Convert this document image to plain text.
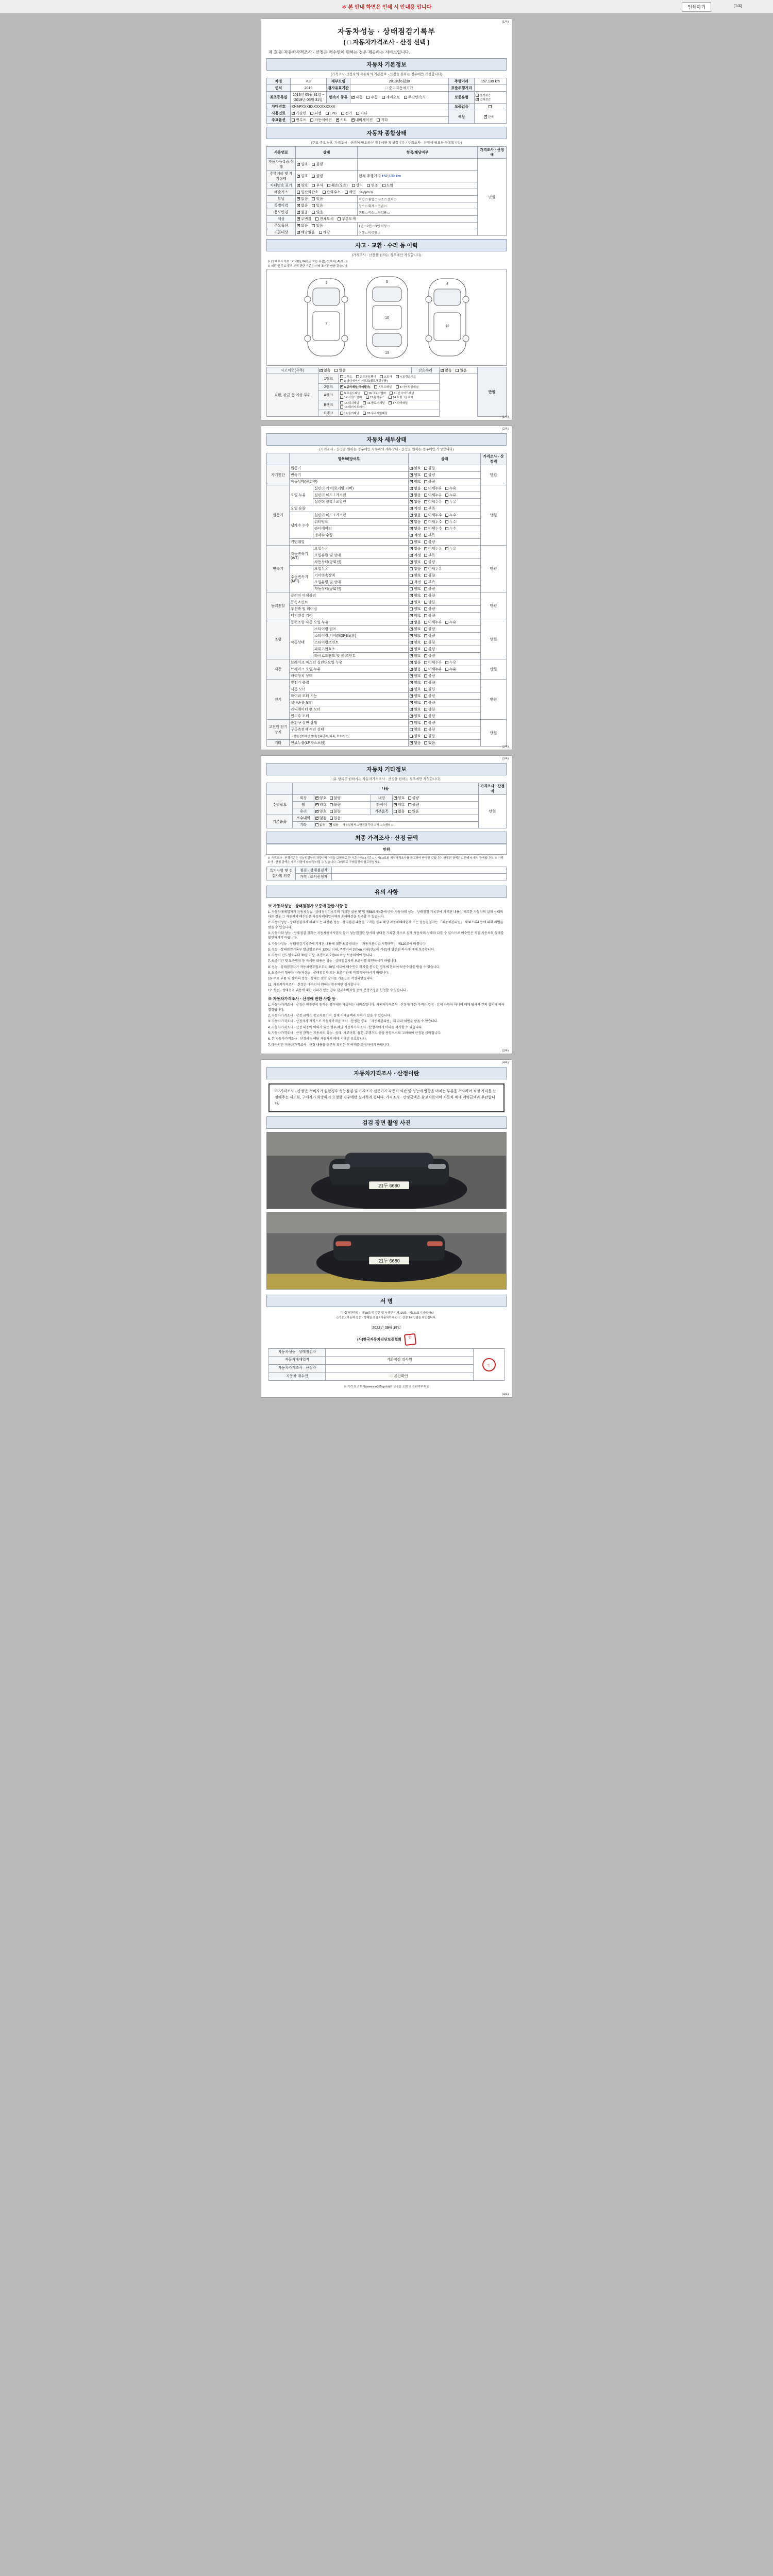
＊ 본 안내 화면은 인쇄 시 안내용 입니다	인쇄하기	(1/4)
(1/4)
자동차성능 · 상태점검기록부
( □ 자동차가격조사 · 산정 선택 )
제 호 ※ 자동차사격조사 · 산정은 매수인이 원하는 경우 제공하는 서비스입니다.
자동차 기본정보
(가격조사·산정자의 자동차의 기본정보 · 산정을 원하는 경우에만 작성합니다)
차명	K3	세부모델	2013년6월30	주행거리	157,139 km
연식	2019	검사유효기간	□ 중고자동차기간	표준주행거리	
최초등록일	2019년 05월 31일 ~ 2019년 05월 31일	변속기 종류	✔자동 수동 세미오토 무단변속기	보증유형	자가보증 ✔업체보증
차대번호	KNAPXXXBXXXXXXXXXX			보증없음	
사용연료	✔가솔린 디젤 LPG 전기 기타			색상	✔단색
주요옵션	썬루프 자동에어컨 ✔ 시트 ✔ 내비게이션 기타
자동차 종합상태
(주요 주요옵션, 가격조사 · 산정이 필요하신 경우에만 작성합니다 / 가격조사 · 산정에 필요한 항목입니다)
사용연료	상태	항목/해당여부	가격조사 · 산정액
자동차등록증 상태	✔양호 불량		만원
주행거리 및 계기상태	✔양호 불량	현재 주행거리 157,139 km	
차대번호 표기	✔양호 부식 훼손(오손) 상이 변조 도말
배출가스	일산화탄소 탄화수소 매연 % ppm %		
튜닝	✔없음 있음	적법 □ 불법 □ 구조 □ 장치 □	
특별이력	✔없음 있음	침수 □ 화재 □ 전손 □	
용도변경	✔없음 있음	렌트 □ 리스 □ 영업용 □	
색상	✔무변경 전체도색 부분도색
주요옵션	✔없음 있음	1인 □ 2인 □ 3인 이상 □	
리콜대상	✔해당없음 해당	이행 □ 미이행 □	
사고 · 교환 · 수리 등 이력
(가격조사 · 산정을 원하는 경우에만 작성합니다)
※ (상태표시 부호 : X(교환), W(판금 또는 용접), C(부식), A(사고))
※ 외판 및 주요 골격 부위 판단 기준은 아래 표기된 바와 같습니다.
1
7
5
10
13
4
12
사고이력(유무)	✔없음 있음		단순수리	✔없음 있음	만원
교환, 판금 등 이상 부위	1랭크	1.후드 2.프론트휀더 3.도어 4.트렁크리드
5.라디에이터 서포트(볼트체결부품)			
	2랭크	✔6.쿼터패널(리어휀더) 7.루프패널 8.사이드실패널
	A랭크	9.프론트패널 10.크로스맴버 11.인사이드패널
12.사이드맴버 13.휠하우스 14.트렁크플로어			
	B랭크	15.대쉬패널 16.플로어패널 17.리어패널 18.패키지트레이			
	C랭크	19.필러패널 20.루프레일패널			
(1/4)
(2/4)
자동차 세부상태
(가격조사 · 산정을 원하는 경우에만 자동차의 세부상태 · 산정을 원하는 경우에만 작성합니다)
	항목/해당여부		상태	가격조사 · 산정액
자기진단	원동기	✔양호 불량	만원
	변속기	✔양호 불량
	작동상태(공회전)	✔양호 불량
원동기	오일 누유	실린더 커버(로커암 커버)	✔없음 미세누유 누유	만원
		실린더 헤드 / 가스켓	✔없음 미세누유 누유
		실린더 블록 / 오일팬	✔없음 미세누유 누유
	오일 유량	✔적정 부족
	냉각수 누수	실린더 헤드 / 가스켓	✔없음 미세누수 누수
		워터펌프	✔없음 미세누수 누수
		라디에이터	✔없음 미세누수 누수
		냉각수 수량	✔적정 부족
	커먼레일		양호 불량	
변속기	자동변속기(A/T)	오일누유	✔없음 미세누유 누유	만원
		오일유량 및 상태	✔적정 부족
		작동상태(공회전)	✔양호 불량
	수동변속기(M/T)	오일누유	없음 미세누유	
		기어변속장치	양호 불량	
		오일유량 및 상태	적정 부족	
		작동상태(공회전)	양호 불량	
동력전달	클러치 어셈블리	✔양호 불량	만원
	등속죠인트	✔양호 불량
	추진축 및 베어링		양호 불량	
	디퍼렌셜 기어	✔양호 불량
조향	동력조향 작동 오일 누유	✔없음 미세누유 누유	만원
	작동상태	스티어링 펌프	✔양호 불량
		스티어링 기어(MDPS포함)	✔양호 불량
		스티어링조인트	✔양호 불량
		파워고압호스	✔양호 불량
		타이로드엔드 및 볼 조인트	✔양호 불량
제동	브레이크 마스터 실린더오일 누유	✔없음 미세누유 누유	만원
	브레이크 오일 누유	✔없음 미세누유 누유
	배력장치 상태	✔양호 불량
전기	발전기 출력	✔양호 불량	만원
	시동 모터	✔양호 불량
	와이퍼 모터 기능	✔양호 불량
	실내송풍 모터	✔양호 불량
	라디에이터 팬 모터	✔양호 불량
	윈도우 모터	✔양호 불량
고전원 전기장치	충전구 절연 상태		양호 불량	만원
	구동축전지 격리 상태		양호 불량	
	고전원전기배선 상태(접속단자, 피복, 보호기구)		양호 불량	
기타	연료누출(LP가스포함)	✔없음 있음
(2/4)
(3/4)
자동차 기타정보
(유 항목은 원하시는 자동차가격조사 · 산정을 원하는 경우에만 작성합니다)
	내용				가격조사 · 산정액
수리필요	외장	✔양호 불량	내장	✔양호 불량	만원
	휠	✔양호 불량	타이어	✔양호 불량
	유리	✔양호 불량	기본품목	없음 있음	
기본품목	보수내역	✔없음 있음
	기타	없음 ✔ 있음 사용설명서 □ 안전삼각대 □ 잭 □ 스패너 □
최종 가격조사 · 산정 금액
만원
※ 가격조사 · 산정기준은 성능점검장의 차량가격가격을 보험으로 한 기준가격(□)기준 □ 시세(□)보험 제작가격조사를 참고하여 반영한 것입니다. 산정된 금액은 □ 판매자 제시 금액입니다. ※ 가격조사 · 산정 금액은 세부 사항에 따라 달라질 수 있습니다. 그러므로 구매결정에 참고하십시오.
특기사항 및 점검자의 의견	점검 · 상태점검자	
	가격 · 조사산정자	
유의 사항
※ 자동차성능 · 상태점검자 보증에 관한 사항 등

1. 자동차매매업자가 자동차성능 · 상태점검기록부의 기재된 내용 및 법 제58조제4항에 따라 자동차의 성능 · 상태점검 기록부에 기재된 내용이 매도한 자동차의 실제 상태와 다른 경우 그 자동차의 매수인은 자동차매매업자에게 손해배상을 청구할 수 있습니다.

2. 자동차성능 · 상태점검자가 허위 또는 과장된 성능 · 상태점검 내용을 고지한 경우 해당 자동차매매업자 또는 성능점검자는 「자동차관리법」 제58조의4 등에 따라 처벌을 받을 수 있습니다.

3. 자동차의 성능 · 상태점검 결과는 자동차정비사업자 등이 성능점검한 당시의 상태를 기록한 것으로 실제 자동차의 상태와 다를 수 있으므로 매수인은 직접 자동차의 상태를 확인하시기 바랍니다.

4. 자동차성능 · 상태점검기록부에 기재된 내용에 대한 보증범위는 「자동차관리법 시행규칙」 제120조에 따릅니다.

5. 성능 · 상태점검기록부 발급일로부터 120일 이내, 주행거리 2만km 이내(선도래 기준)에 발견된 하자에 대해 보증합니다.

6. 자동차 인도일로부터 30일 이상, 주행거리 2천km 이상 보증하여야 합니다.

7. 보증기간 및 보증범위 등 자세한 내용은 성능 · 상태점검자의 보증서를 확인하시기 바랍니다.

8. 성능 · 상태점검자가 자동차인도일로부터 30일 이내에 매수인이 하자를 통지한 경우에 한하여 보증수리를 받을 수 있습니다.

9. 보증수리 청구는 자동차성능 · 상태점검자 또는 보증기관에 직접 청구하시기 바랍니다.

10. 주요 부품 및 장치의 성능 · 상태는 점검 당시를 기준으로 작성되었습니다.

11. 자동차가격조사 · 산정은 매수인이 원하는 경우에만 실시합니다.

12. 성능 · 상태점검 내용에 대한 이의가 있는 경우 한국소비자원 등에 분쟁조정을 신청할 수 있습니다.

※ 자동차가격조사 · 산정에 관한 사항 등

1. 자동차가격조사 · 산정은 매수인이 원하는 경우에만 제공되는 서비스입니다. 자동차가격조사 · 산정에 대한 가격은 법정 · 강제 사항이 아니며 매매 당사자 간의 합의에 따라 결정됩니다.

2. 자동차가격조사 · 산정 금액은 참고자료이며, 실제 거래금액과 차이가 있을 수 있습니다.

3. 자동차가격조사 · 산정자가 거짓으로 자동차가격을 조사 · 산정한 경우 「자동차관리법」에 따라 처벌을 받을 수 있습니다.

4. 자동차가격조사 · 산정 내용에 이의가 있는 경우 해당 자동차가격조사 · 산정자에게 이의를 제기할 수 있습니다.

5. 자동차가격조사 · 산정 금액은 자동차의 성능 · 상태, 사고이력, 옵션, 주행거리 등을 종합적으로 고려하여 산정된 금액입니다.

6. 본 자동차가격조사 · 산정서는 해당 자동차의 매매 시에만 유효합니다.

7. 매수인은 자동차가격조사 · 산정 내용을 충분히 확인한 후 구매를 결정하시기 바랍니다.

(3/4)
(4/4)
자동차가격조사 · 산정이란
※ '가격조사 · 산정'은 소비자가 원할경우 성능점검 및 가격조사 전문가가 자동차 외관 및 성능에 영향을 미치는 부분을 조사하여 적정 가격을 산정해주는 제도로, 구매자가 희망하여 요청할 경우에만 실시하게 됩니다. 가격조사 · 산정금액은 참고자료이며 자동차 매매 계약금액과 무관합니다.
검검 장면 촬영 사진
21두 6680
21두 6680
서 명
「자동차관리법」 제58조 및 같은 법 시행규칙 제120조 · 제121조기기에 따라
(구)중고자동차 성능 · 상태를 점검 / 자동차가격조사 · 산정 1차인점을 확인합니다.
2023년 09월 18일
(사)한국자동차진단보증협회 인
자동차성능 · 상태점검자		인
자동차매매업자	기화점검 검사원	
자동차가격조사 · 산정자		
자동차 매수인	□ 본인확인	
※ 가기 최고 회사(www.car365.go.kr)의 금융을 조회 및 진위여부 확인
(4/4)
